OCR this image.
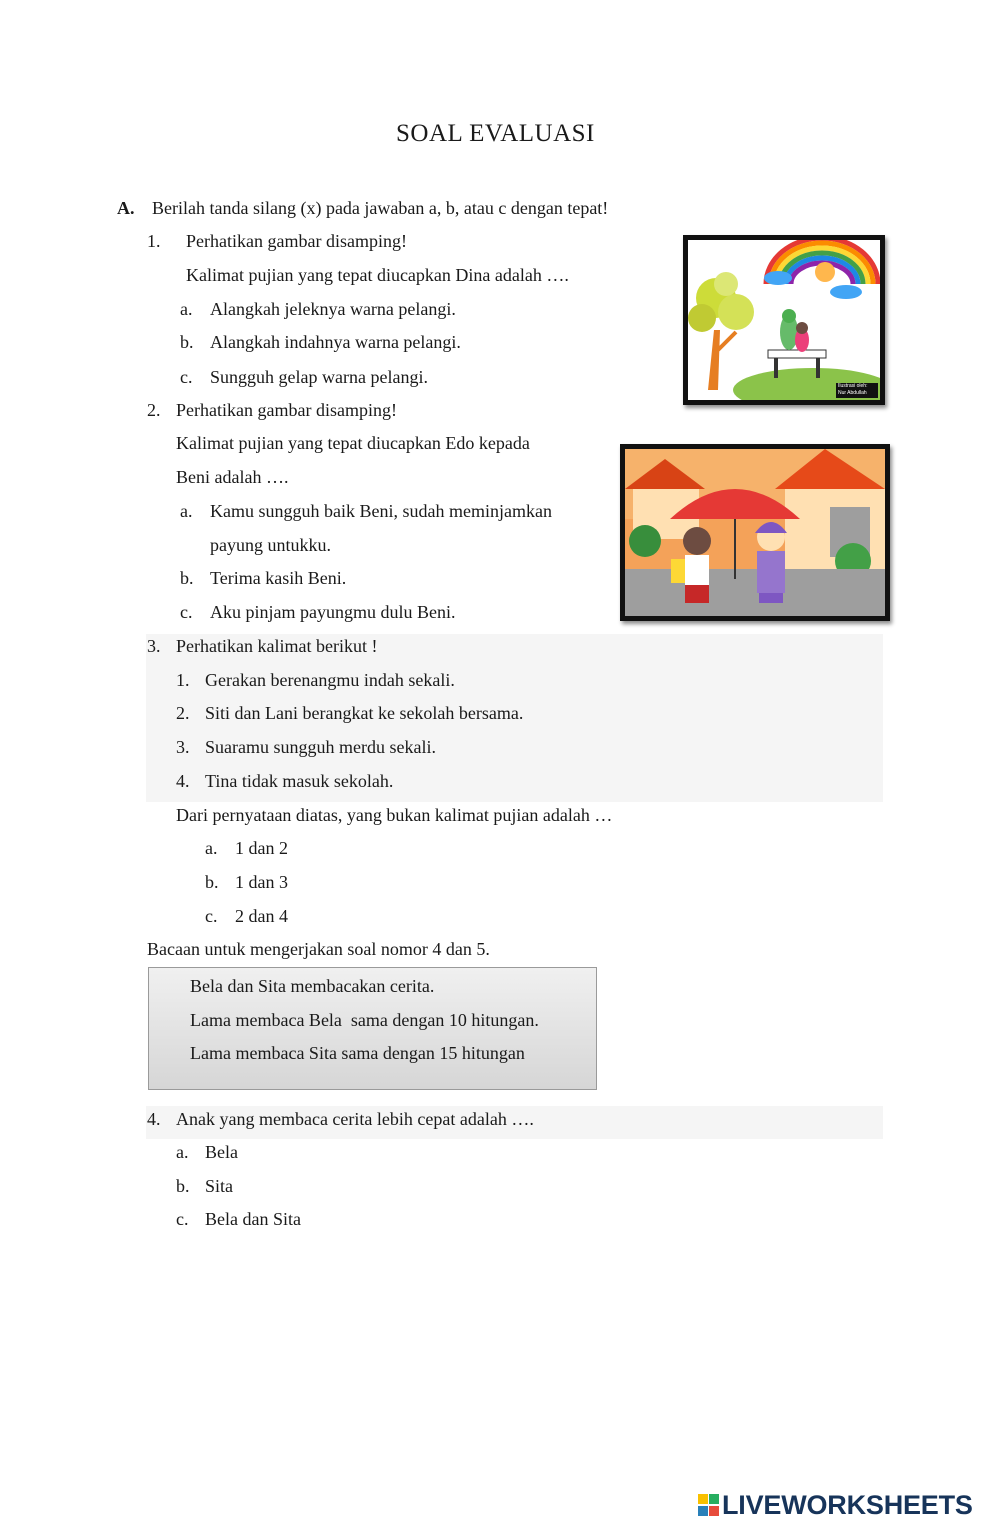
SOAL EVALUASI
A. Berilah tanda silang (x) pada jawaban a, b, atau c dengan tepat!
1. Perhatikan gambar disamping!
Kalimat pujian yang tepat diucapkan Dina adalah ….
a. Alangkah jeleknya warna pelangi.
b. Alangkah indahnya warna pelangi.
c. Sungguh gelap warna pelangi.	Ilustrasi oleh:
Nur Abdullah
2. Perhatikan gambar disamping!
Kalimat pujian yang tepat diucapkan Edo kepada
Beni adalah ….
a. Kamu sungguh baik Beni, sudah meminjamkan
payung untukku.
b. Terima kasih Beni.
c. Aku pinjam payungmu dulu Beni.
3. Perhatikan kalimat berikut !
1. Gerakan berenangmu indah sekali.
2. Siti dan Lani berangkat ke sekolah bersama.
3. Suaramu sungguh merdu sekali.
4. Tina tidak masuk sekolah.
Dari pernyataan diatas, yang bukan kalimat pujian adalah …
a. 1 dan 2
b. 1 dan 3
c. 2 dan 4
Bacaan untuk mengerjakan soal nomor 4 dan 5.
Bela dan Sita membacakan cerita.
Lama membaca Bela  sama dengan 10 hitungan.
Lama membaca Sita sama dengan 15 hitungan
4. Anak yang membaca cerita lebih cepat adalah ….
a. Bela
b. Sita
c. Bela dan Sita
LIVEWORKSHEETS
